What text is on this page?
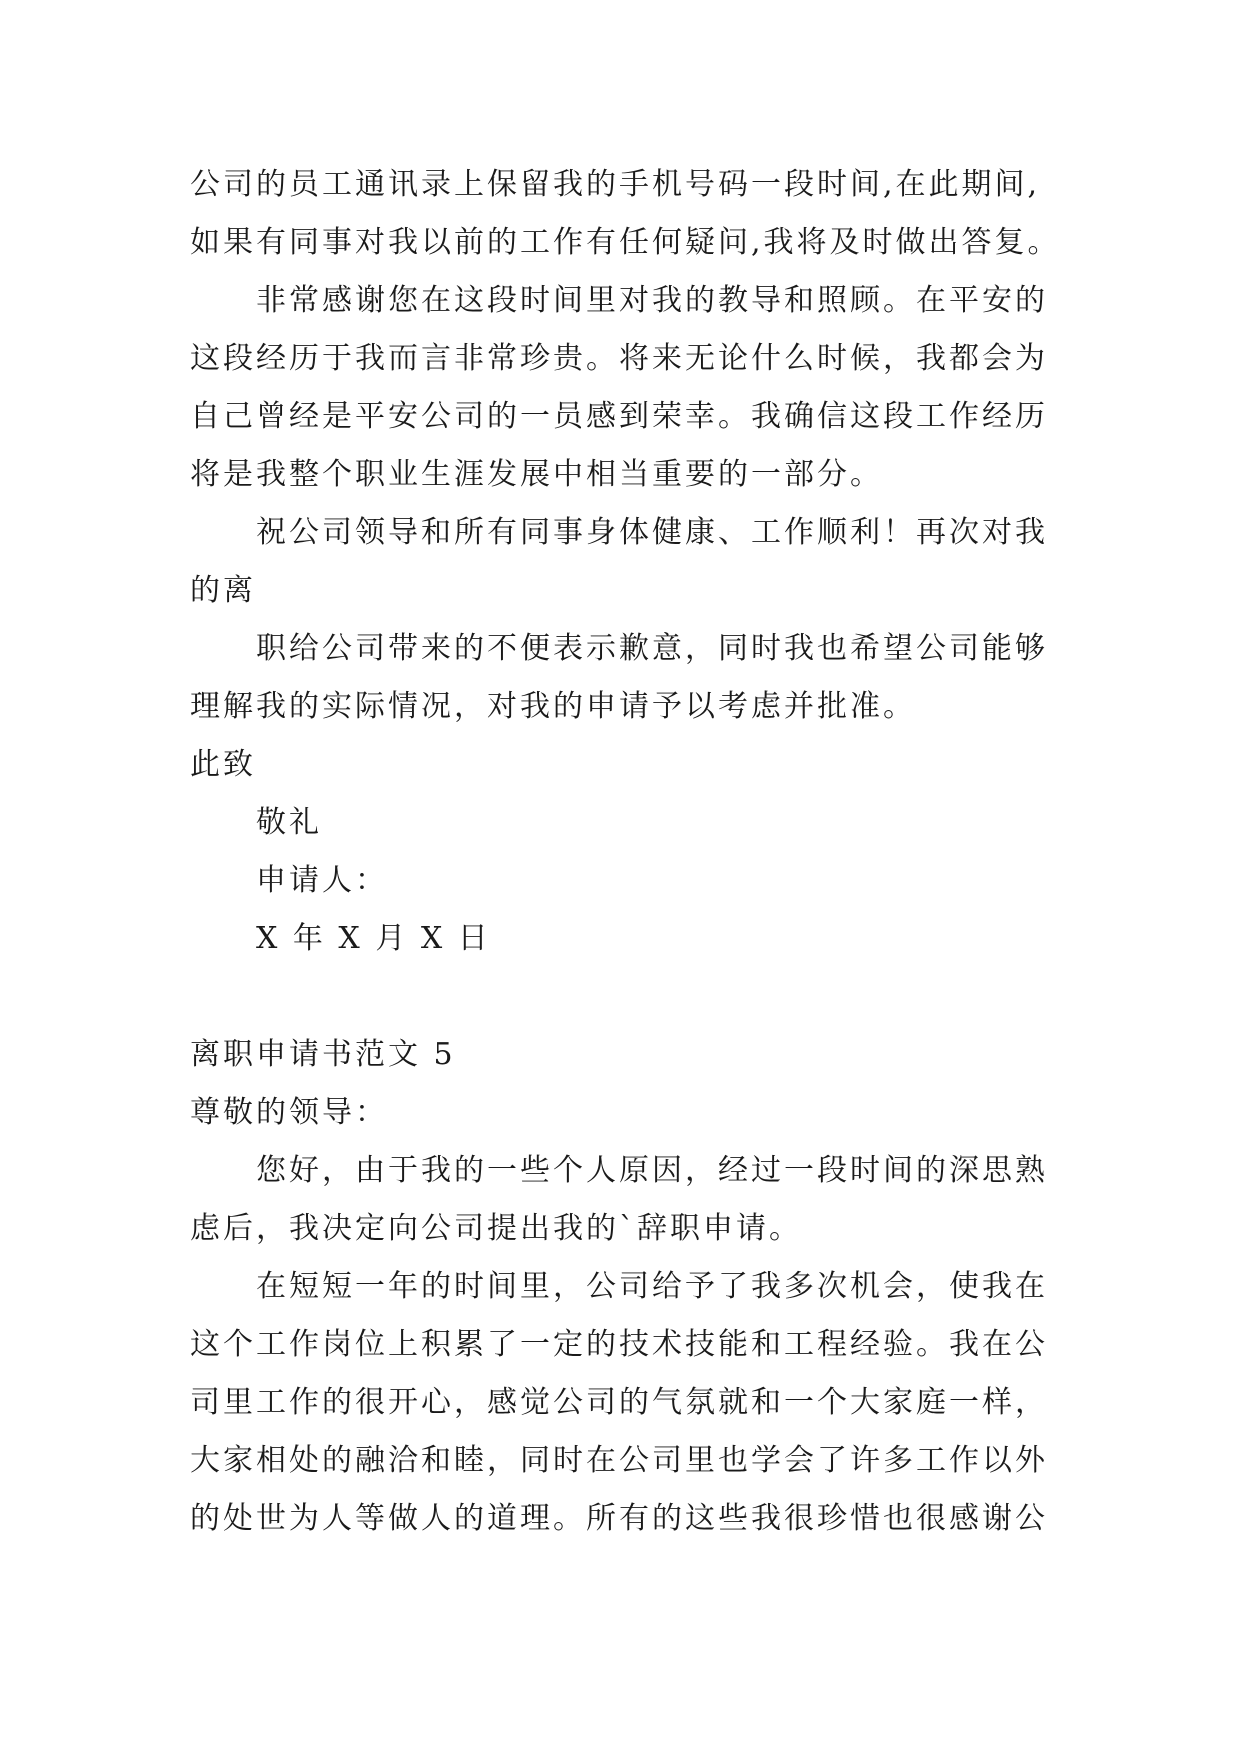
公司的员工通讯录上保留我的手机号码一段时间,在此期间,
如果有同事对我以前的工作有任何疑问,我将及时做出答复。
非常感谢您在这段时间里对我的教导和照顾。在平安的
这段经历于我而言非常珍贵。将来无论什么时候，我都会为
自己曾经是平安公司的一员感到荣幸。我确信这段工作经历
将是我整个职业生涯发展中相当重要的一部分。
祝公司领导和所有同事身体健康、工作顺利！再次对我
的离
职给公司带来的不便表示歉意，同时我也希望公司能够
理解我的实际情况，对我的申请予以考虑并批准。
此致
敬礼
申请人：
X 年 X 月 X 日
离职申请书范文 5
尊敬的领导：
您好，由于我的一些个人原因，经过一段时间的深思熟
虑后，我决定向公司提出我的`辞职申请。
在短短一年的时间里，公司给予了我多次机会，使我在
这个工作岗位上积累了一定的技术技能和工程经验。我在公
司里工作的很开心，感觉公司的气氛就和一个大家庭一样，
大家相处的融洽和睦，同时在公司里也学会了许多工作以外
的处世为人等做人的道理。所有的这些我很珍惜也很感谢公
